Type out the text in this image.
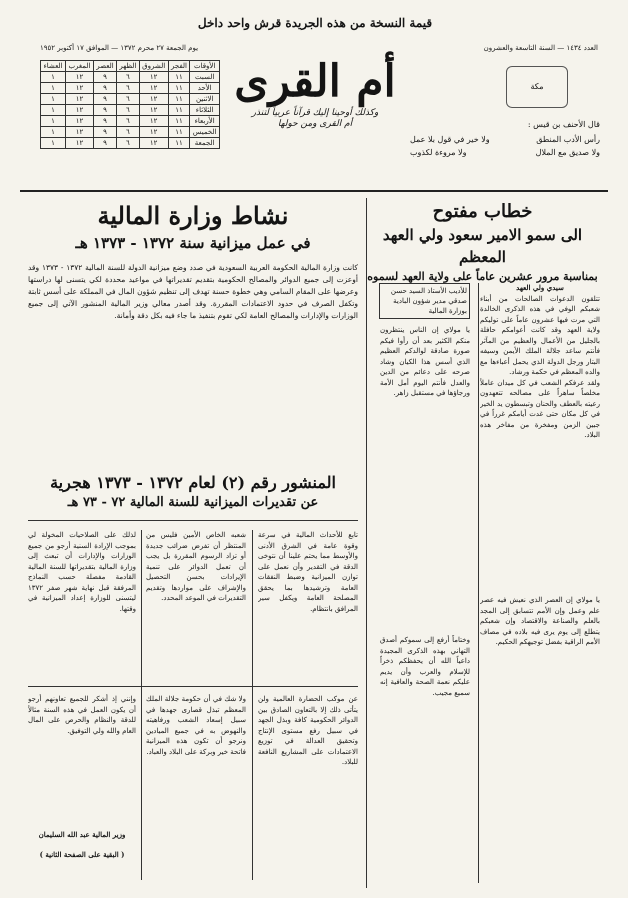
قيمة النسخة من هذه الجريدة قرش واحد داخل
العدد ١٤٣٤ — السنة التاسعة والعشرون
يوم الجمعة ٢٧ محرم ١٣٧٢ — الموافق ١٧ أكتوبر ١٩٥٢
أم القرى
وكذلك أوحينا إليك قرآناً عربياً لتنذر
أم القرى ومن حولها
مكة
قال الأحنف بن قيس :
رأس الأدب المنطق
ولا خير في قول بلا عمل
ولا صديق مع الملال
ولا مروءة لكذوب
الأوقات	الفجر	الشروق	الظهر	العصر	المغرب	العشاء
السبت	١١	١٢	٦	٩	١٢	١
الأحد	١١	١٢	٦	٩	١٢	١
الاثنين	١١	١٢	٦	٩	١٢	١
الثلاثاء	١١	١٢	٦	٩	١٢	١
الأربعاء	١١	١٢	٦	٩	١٢	١
الخميس	١١	١٢	٦	٩	١٢	١
الجمعة	١١	١٢	٦	٩	١٢	١
خطاب مفتوح
الى سمو الامير سعود ولي العهد المعظم
بمناسبة مرور عشرين عاماً على ولاية العهد لسموه
نشاط وزارة المالية
في عمل ميزانية سنة ١٣٧٢ - ١٣٧٣ هـ
للأديب الأستاذ السيد حسن صدقي مدير شؤون البادية بوزارة المالية
سيدي ولي العهد
تتلقون الدعوات الصالحات من أبناء شعبكم الوفي في هذه الذكرى الخالدة التي مرت فيها عشرون عاماً على توليكم ولاية العهد وقد كانت أعوامكم حافلة بالجليل من الأعمال والعظيم من المآثر فأنتم ساعد جلالة الملك الأيمن وسيفه البتار ورجل الدولة الذي يحمل أعباءها مع والده المعظم في حكمة ورشاد.
ولقد عرفكم الشعب في كل ميدان عاملاً مخلصاً ساهراً على مصالحه تتعهدون رعيته بالعطف والحنان وتبسطون يد الخير في كل مكان حتى غدت أيامكم غرراً في جبين الزمن ومفخرة من مفاخر هذه البلاد.
يا مولاي إن الناس ينتظرون منكم الكثير بعد أن رأوا فيكم صورة صادقة لوالدكم العظيم الذي أسس هذا الكيان وشاد صرحه على دعائم من الدين والعدل فأنتم اليوم أمل الأمة ورجاؤها في مستقبل زاهر.
يا مولاي إن العصر الذي نعيش فيه عصر علم وعمل وإن الأمم تتسابق إلى المجد بالعلم والصناعة والاقتصاد وإن شعبكم يتطلع إلى يوم يرى فيه بلاده في مصاف الأمم الراقية بفضل توجيهكم الحكيم.
وختاماً أرفع إلى سموكم أصدق التهاني بهذه الذكرى المجيدة داعياً الله أن يحفظكم ذخراً للإسلام والعرب وأن يديم عليكم نعمة الصحة والعافية إنه سميع مجيب.
كانت وزارة المالية الحكومة العربية السعودية في صدد وضع ميزانية الدولة للسنة المالية ١٣٧٢ - ١٣٧٣ وقد أوعزت إلى جميع الدوائر والمصالح الحكومية بتقديم تقديراتها في مواعيد محددة لكي يتسنى لها دراستها وعرضها على المقام السامي وهي خطوة حسنة تهدف إلى تنظيم شؤون المال في المملكة على أسس ثابتة وتكفل الصرف في حدود الاعتمادات المقررة. وقد أصدر معالي وزير المالية المنشور الآتي إلى جميع الوزارات والإدارات والمصالح العامة لكي تقوم بتنفيذ ما جاء فيه بكل دقة وأمانة.
المنشور رقم (٢) لعام ١٣٧٢ - ١٣٧٣ هجرية
عن تقديرات الميزانية للسنة المالية ٧٢ - ٧٣ هـ
تابع للأحداث المالية في سرعة وقوة عامة في الشرق الأدنى والأوسط مما يحتم علينا أن نتوخى الدقة في التقدير وأن نعمل على توازن الميزانية وضبط النفقات العامة وترشيدها بما يحقق المصلحة العامة ويكفل سير المرافق بانتظام.
شعبه الخاص الأمين فليس من المنتظر أن تفرض ضرائب جديدة أو تزاد الرسوم المقررة بل يجب أن تعمل الدوائر على تنمية الإيرادات بحسن التحصيل والإشراف على مواردها وتقديم التقديرات في الموعد المحدد.
لذلك على الصلاحيات المخولة لي بموجب الإرادة السنية أرجو من جميع الوزارات والإدارات أن تبعث إلى وزارة المالية بتقديراتها للسنة المالية القادمة مفصلة حسب النماذج المرفقة قبل نهاية شهر صفر ١٣٧٢ ليتسنى للوزارة إعداد الميزانية في وقتها.
عن موكب الحضارة العالمية ولن يتأتى ذلك إلا بالتعاون الصادق بين الدوائر الحكومية كافة وبذل الجهد في سبيل رفع مستوى الإنتاج وتحقيق العدالة في توزيع الاعتمادات على المشاريع النافعة للبلاد.
ولا شك في أن حكومة جلالة الملك المعظم تبذل قصارى جهدها في سبيل إسعاد الشعب ورفاهيته والنهوض به في جميع الميادين ونرجو أن تكون هذه الميزانية فاتحة خير وبركة على البلاد والعباد.
وإنني إذ أشكر للجميع تعاونهم أرجو أن يكون العمل في هذه السنة مثالاً للدقة والنظام والحرص على المال العام والله ولي التوفيق.
وزير المالية عبد الله السليمان
( البقية على الصفحة الثانية )
